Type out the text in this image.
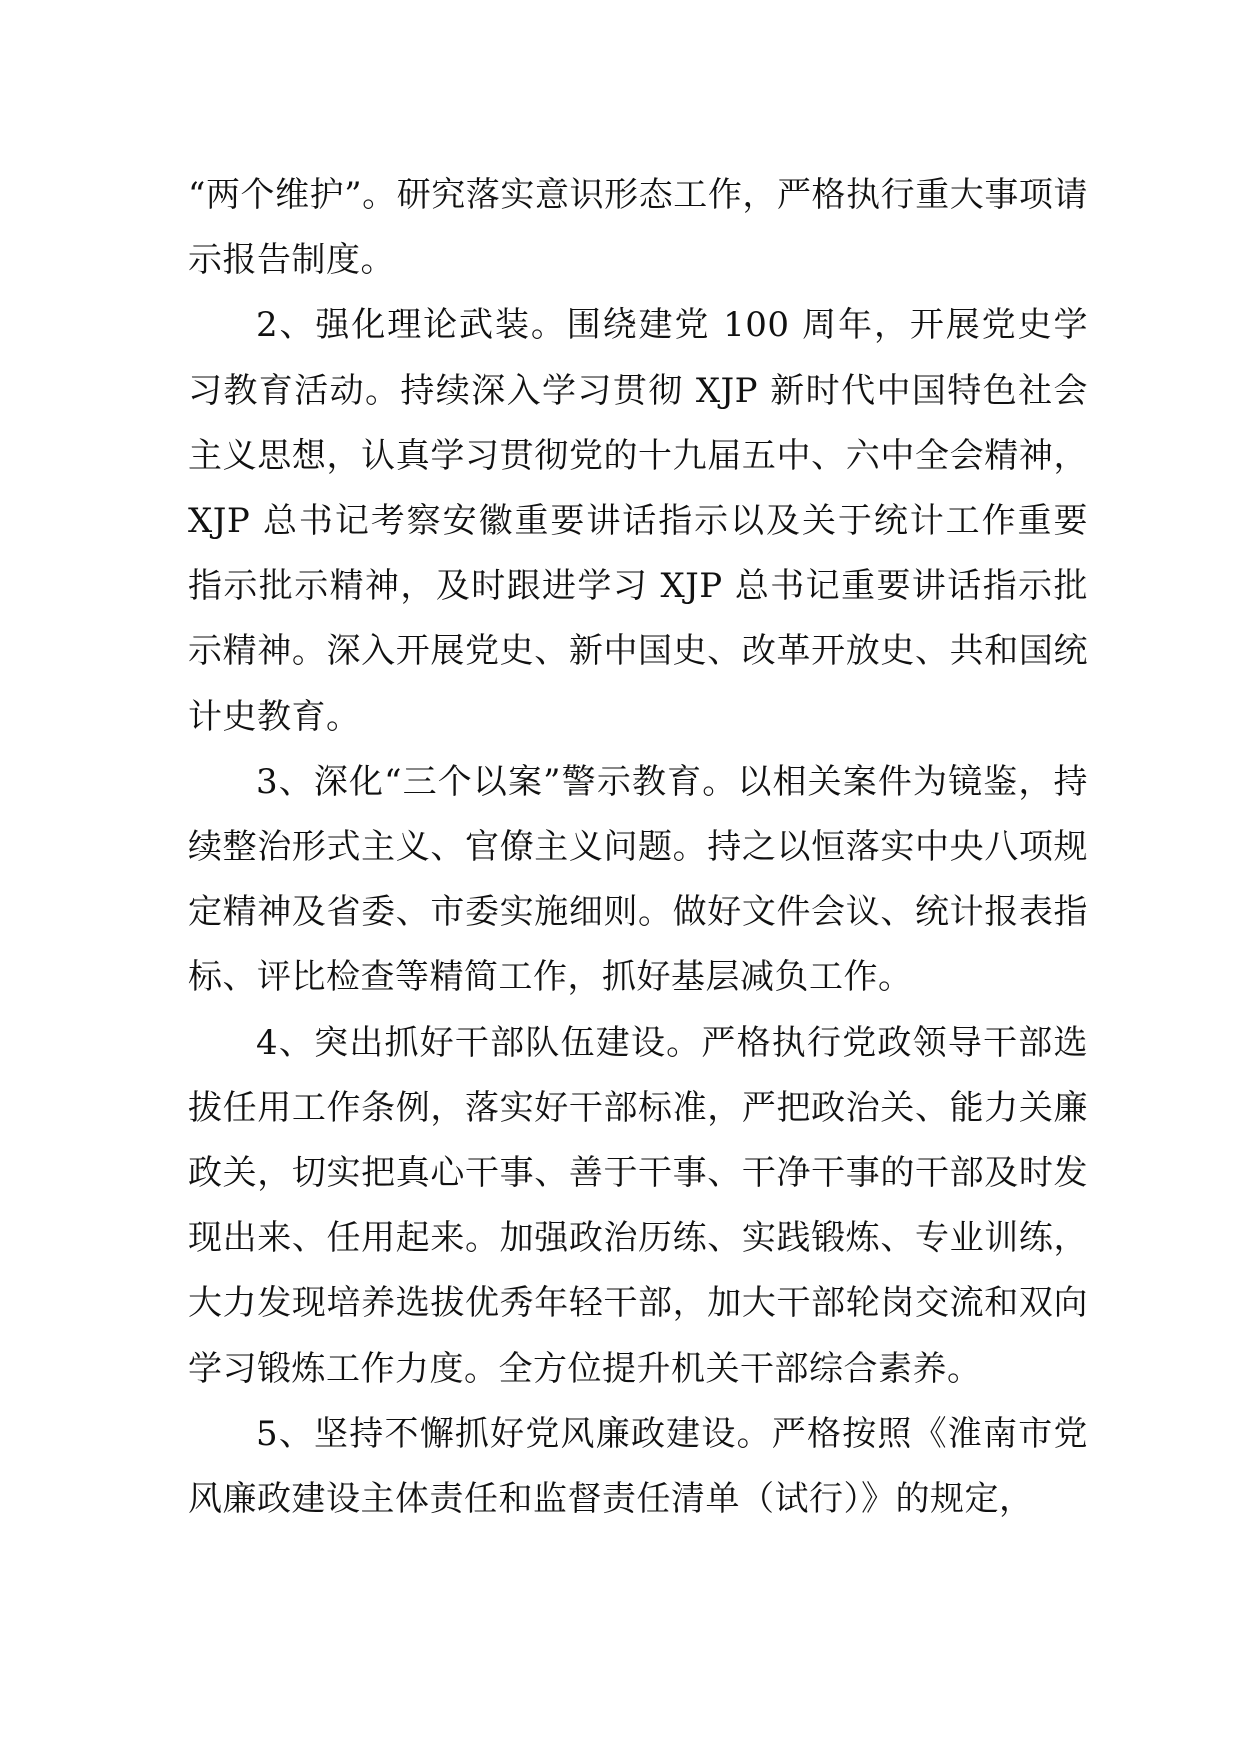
“两个维护”。研究落实意识形态工作，严格执行重大事项请示报告制度。

2、强化理论武装。围绕建党 100 周年，开展党史学习教育活动。持续深入学习贯彻 XJP 新时代中国特色社会主义思想，认真学习贯彻党的十九届五中、六中全会精神，XJP 总书记考察安徽重要讲话指示以及关于统计工作重要指示批示精神，及时跟进学习 XJP 总书记重要讲话指示批示精神。深入开展党史、新中国史、改革开放史、共和国统计史教育。

3、深化“三个以案”警示教育。以相关案件为镜鉴，持续整治形式主义、官僚主义问题。持之以恒落实中央八项规定精神及省委、市委实施细则。做好文件会议、统计报表指标、评比检查等精简工作，抓好基层减负工作。

4、突出抓好干部队伍建设。严格执行党政领导干部选拔任用工作条例，落实好干部标准，严把政治关、能力关廉政关，切实把真心干事、善于干事、干净干事的干部及时发现出来、任用起来。加强政治历练、实践锻炼、专业训练，大力发现培养选拔优秀年轻干部，加大干部轮岗交流和双向学习锻炼工作力度。全方位提升机关干部综合素养。

5、坚持不懈抓好党风廉政建设。严格按照《淮南市党风廉政建设主体责任和监督责任清单（试行）》的规定，
